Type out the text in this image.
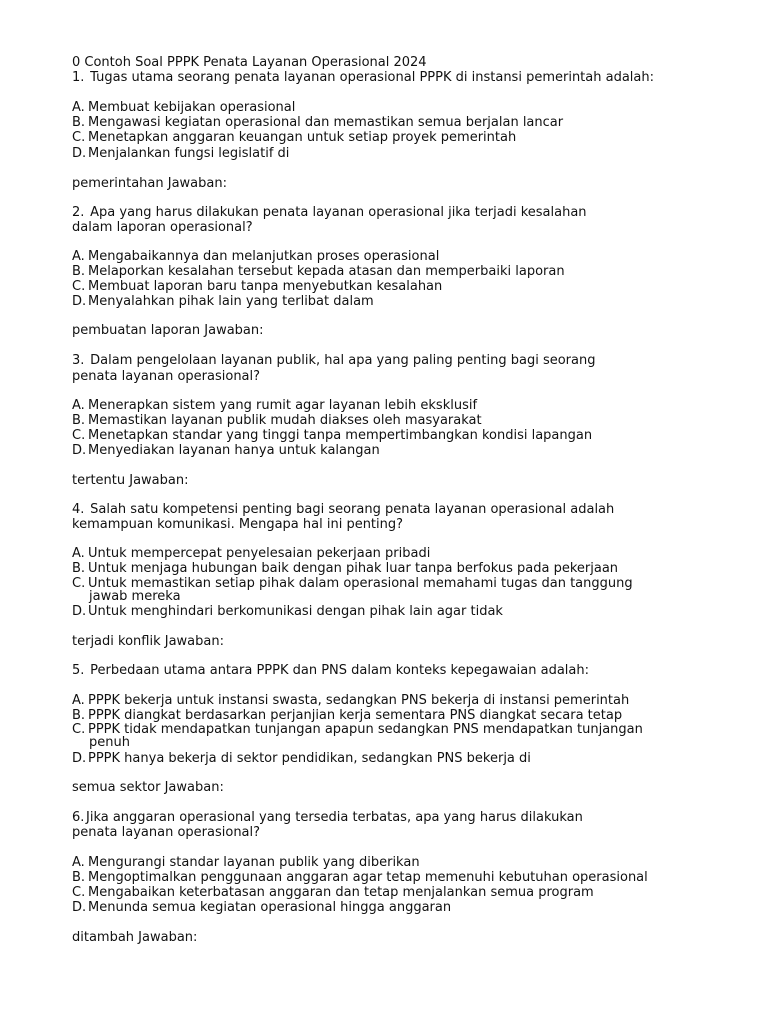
0 Contoh Soal PPPK Penata Layanan Operasional 2024
1. Tugas utama seorang penata layanan operasional PPPK di instansi pemerintah adalah:
A. Membuat kebijakan operasional
B. Mengawasi kegiatan operasional dan memastikan semua berjalan lancar
C. Menetapkan anggaran keuangan untuk setiap proyek pemerintah
D. Menjalankan fungsi legislatif di
pemerintahan Jawaban:
2. Apa yang harus dilakukan penata layanan operasional jika terjadi kesalahan
dalam laporan operasional?
A. Mengabaikannya dan melanjutkan proses operasional
B. Melaporkan kesalahan tersebut kepada atasan dan memperbaiki laporan
C. Membuat laporan baru tanpa menyebutkan kesalahan
D. Menyalahkan pihak lain yang terlibat dalam
pembuatan laporan Jawaban:
3. Dalam pengelolaan layanan publik, hal apa yang paling penting bagi seorang
penata layanan operasional?
A. Menerapkan sistem yang rumit agar layanan lebih eksklusif
B. Memastikan layanan publik mudah diakses oleh masyarakat
C. Menetapkan standar yang tinggi tanpa mempertimbangkan kondisi lapangan
D. Menyediakan layanan hanya untuk kalangan
tertentu Jawaban:
4. Salah satu kompetensi penting bagi seorang penata layanan operasional adalah
kemampuan komunikasi. Mengapa hal ini penting?
A. Untuk mempercepat penyelesaian pekerjaan pribadi
B. Untuk menjaga hubungan baik dengan pihak luar tanpa berfokus pada pekerjaan
C. Untuk memastikan setiap pihak dalam operasional memahami tugas dan tanggung
jawab mereka
D. Untuk menghindari berkomunikasi dengan pihak lain agar tidak
terjadi konflik Jawaban:
5. Perbedaan utama antara PPPK dan PNS dalam konteks kepegawaian adalah:
A. PPPK bekerja untuk instansi swasta, sedangkan PNS bekerja di instansi pemerintah
B. PPPK diangkat berdasarkan perjanjian kerja sementara PNS diangkat secara tetap
C. PPPK tidak mendapatkan tunjangan apapun sedangkan PNS mendapatkan tunjangan
penuh
D. PPPK hanya bekerja di sektor pendidikan, sedangkan PNS bekerja di
semua sektor Jawaban:
6. Jika anggaran operasional yang tersedia terbatas, apa yang harus dilakukan
penata layanan operasional?
A. Mengurangi standar layanan publik yang diberikan
B. Mengoptimalkan penggunaan anggaran agar tetap memenuhi kebutuhan operasional
C. Mengabaikan keterbatasan anggaran dan tetap menjalankan semua program
D. Menunda semua kegiatan operasional hingga anggaran
ditambah Jawaban:
